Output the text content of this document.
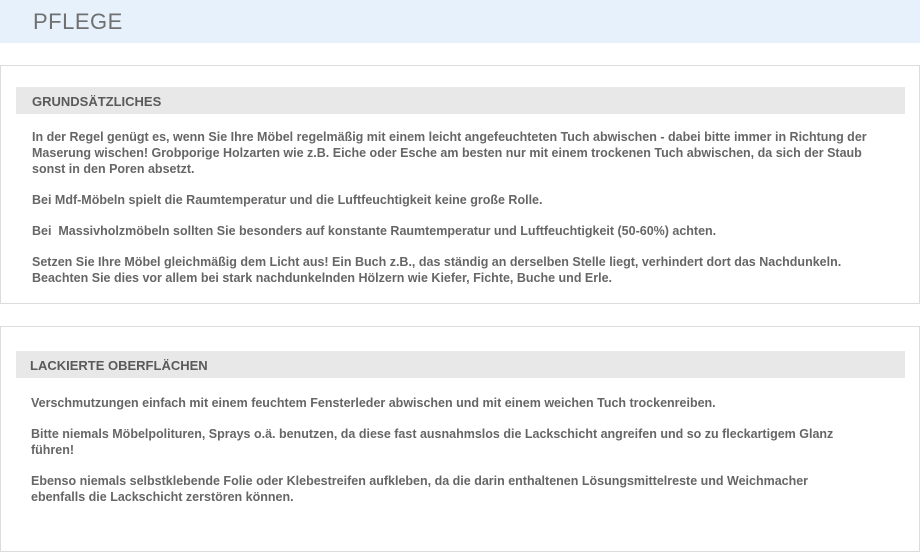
PFLEGE
GRUNDSÄTZLICHES

In der Regel genügt es, wenn Sie Ihre Möbel regelmäßig mit einem leicht angefeuchteten Tuch abwischen - dabei bitte immer in Richtung der Maserung wischen! Grobporige Holzarten wie z.B. Eiche oder Esche am besten nur mit einem trockenen Tuch abwischen, da sich der Staub sonst in den Poren absetzt.

Bei Mdf-Möbeln spielt die Raumtemperatur und die Luftfeuchtigkeit keine große Rolle.

Bei  Massivholzmöbeln sollten Sie besonders auf konstante Raumtemperatur und Luftfeuchtigkeit (50-60%) achten.

Setzen Sie Ihre Möbel gleichmäßig dem Licht aus! Ein Buch z.B., das ständig an derselben Stelle liegt, verhindert dort das Nachdunkeln. Beachten Sie dies vor allem bei stark nachdunkelnden Hölzern wie Kiefer, Fichte, Buche und Erle.

LACKIERTE OBERFLÄCHEN

Verschmutzungen einfach mit einem feuchtem Fensterleder abwischen und mit einem weichen Tuch trockenreiben.

Bitte niemals Möbelpolituren, Sprays o.ä. benutzen, da diese fast ausnahmslos die Lackschicht angreifen und so zu fleckartigem Glanz führen!

Ebenso niemals selbstklebende Folie oder Klebestreifen aufkleben, da die darin enthaltenen Lösungsmittelreste und Weichmacher ebenfalls die Lackschicht zerstören können.
